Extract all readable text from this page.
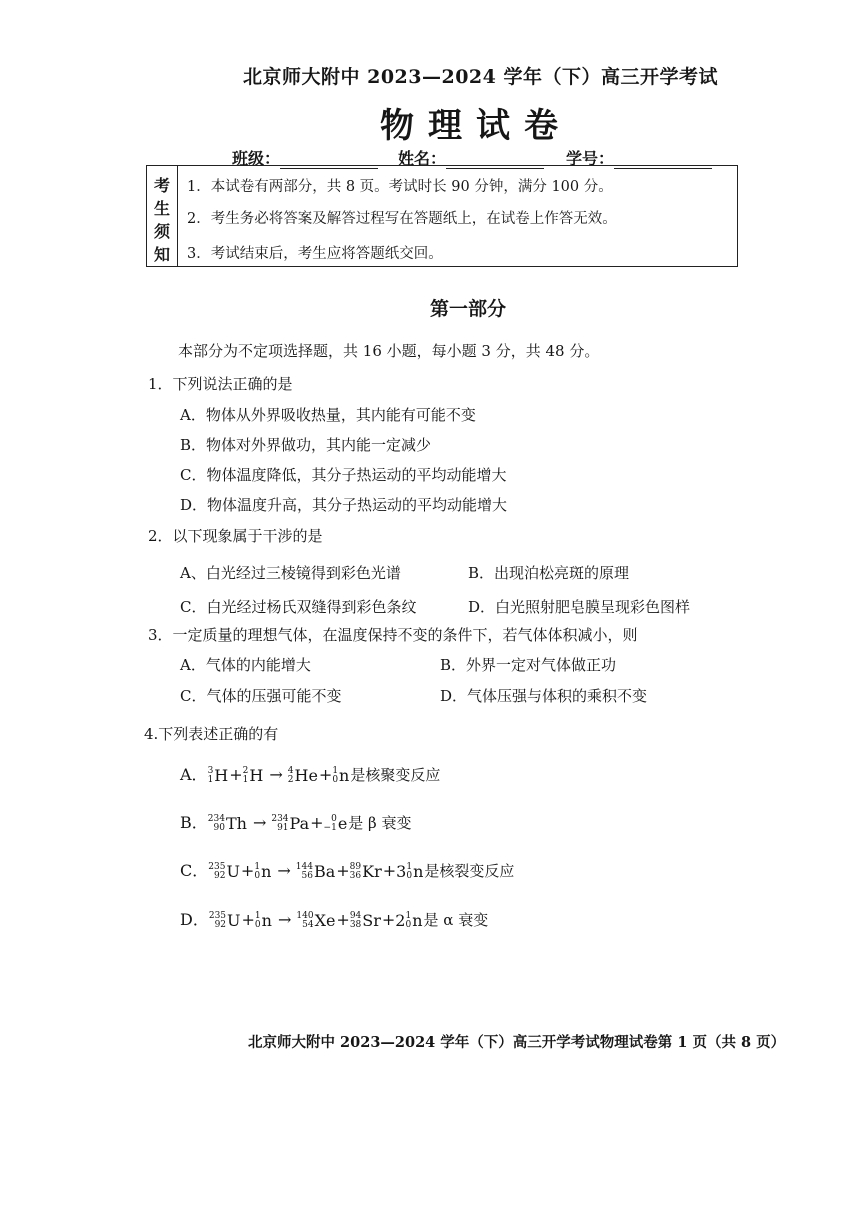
北京师大附中 2023—2024 学年（下）高三开学考试
物理试卷
班级：	姓名：	学号：
考
生
须
知
1．本试卷有两部分，共 8 页。考试时长 90 分钟，满分 100 分。
2．考生务必将答案及解答过程写在答题纸上，在试卷上作答无效。
3．考试结束后，考生应将答题纸交回。
第一部分
本部分为不定项选择题，共 16 小题，每小题 3 分，共 48 分。
1．下列说法正确的是
A．物体从外界吸收热量，其内能有可能不变
B．物体对外界做功，其内能一定减少
C．物体温度降低，其分子热运动的平均动能增大
D．物体温度升高，其分子热运动的平均动能增大
2．以下现象属于干涉的是
A、白光经过三棱镜得到彩色光谱	B．出现泊松亮斑的原理
C．白光经过杨氏双缝得到彩色条纹	D．白光照射肥皂膜呈现彩色图样
3．一定质量的理想气体，在温度保持不变的条件下，若气体体积减小，则
A．气体的内能增大	B．外界一定对气体做正功
C．气体的压强可能不变	D．气体压强与体积的乘积不变
4.下列表述正确的有
A． 3
1 H + 2
1 H → 4
2 He + 1
0 n 是核聚变反应
B． 234
90 Th → 234
91 Pa + 0
−1 e 是 β 衰变
C． 235
92 U + 1
0 n → 144
56 Ba + 89
36 Kr + 3 1
0 n 是核裂变反应
D． 235
92 U + 1
0 n → 140
54 Xe + 94
38 Sr + 2 1
0 n 是 α 衰变
北京师大附中 2023—2024 学年（下）高三开学考试物理试卷第 1 页（共 8 页）
